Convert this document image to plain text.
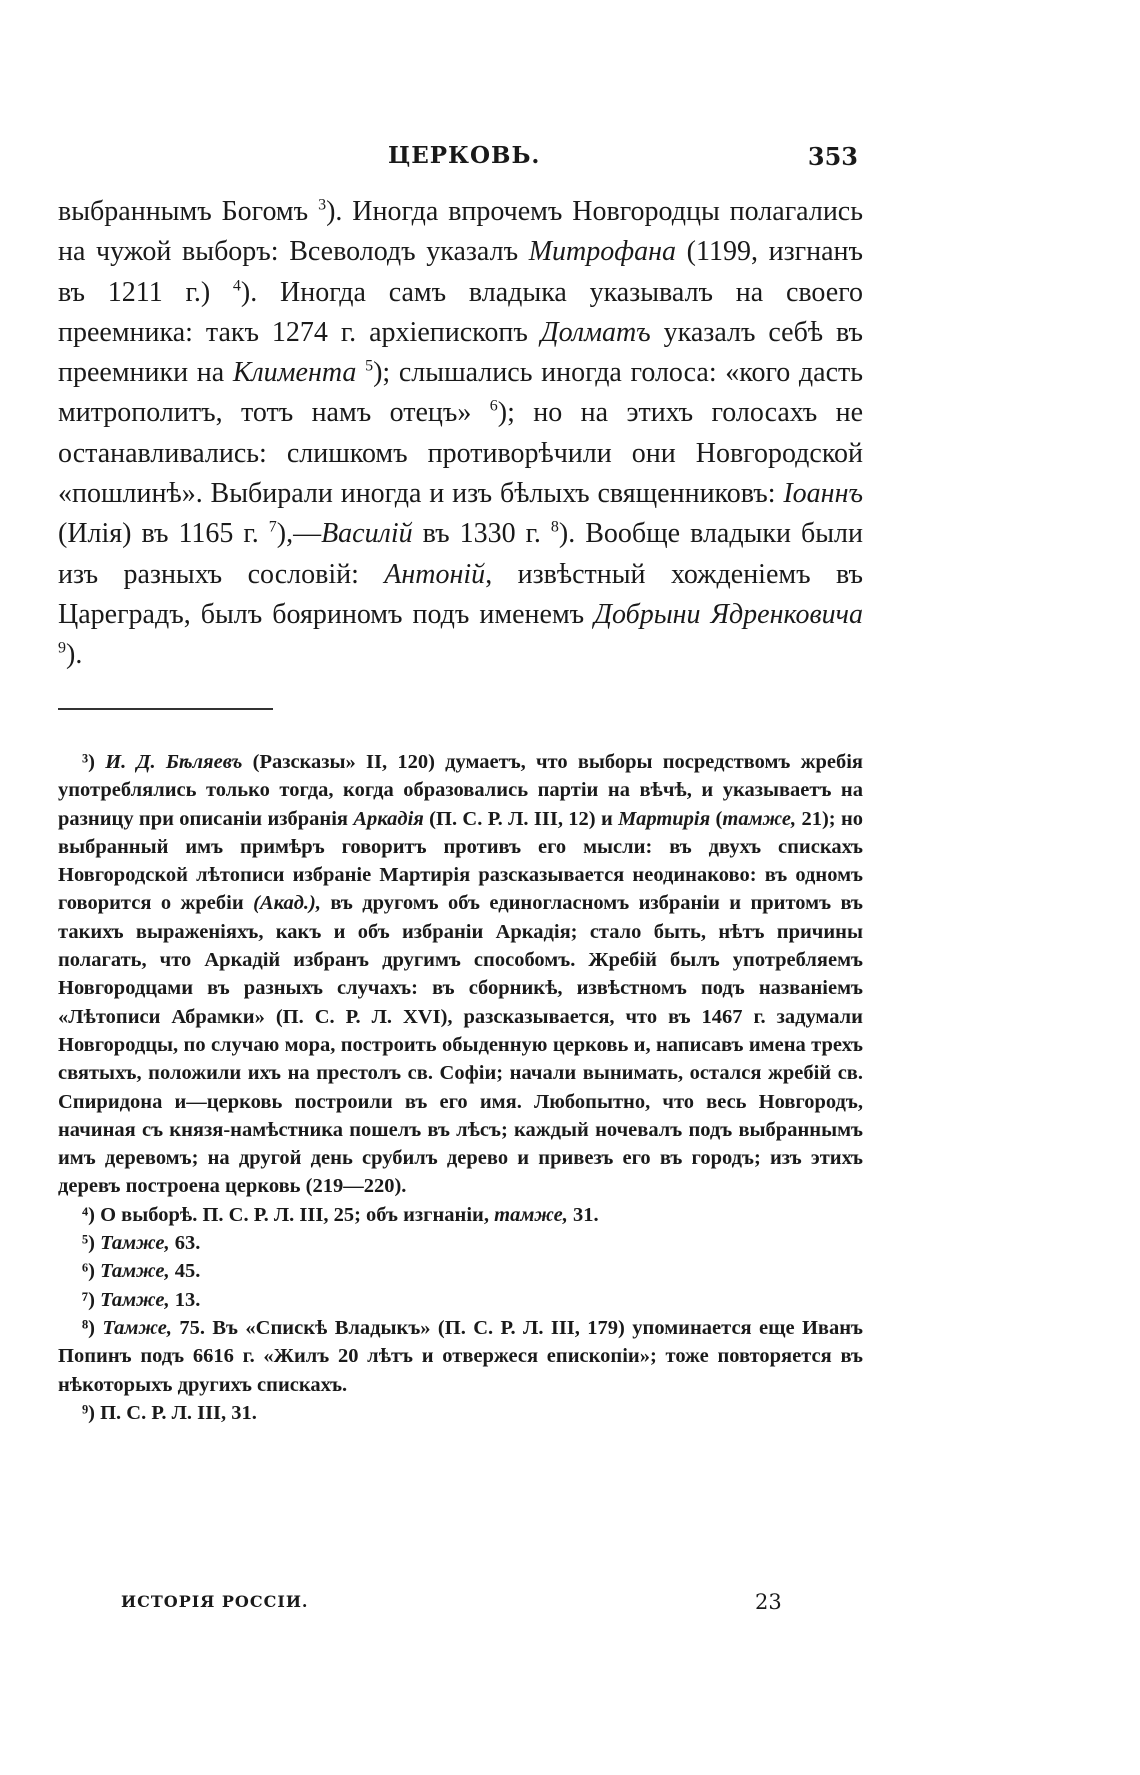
ЦЕРКОВЬ.	353

выбраннымъ Богомъ $^3$). Иногда впрочемъ Новгородцы полагались на чужой выборъ: Всеволодъ указалъ Митрофана (1199, изгнанъ въ 1211 г.) $^4$). Иногда самъ владыка указывалъ на своего преемника: такъ 1274 г. архіепископъ Долматъ указалъ себѣ въ преемники на Климента $^5$); слышались иногда голоса: «кого дасть митрополитъ, тотъ намъ отецъ» $^6$); но на этихъ голосахъ не останавливались: слишкомъ противорѣчили они Новгородской «пошлинѣ». Выбирали иногда и изъ бѣлыхъ священниковъ: Іоаннъ (Илія) въ 1165 г. $^7$),—Василій въ 1330 г. $^8$). Вообще владыки были изъ разныхъ сословій: Антоній, извѣстный хожденіемъ въ Цареградъ, былъ бояриномъ подъ именемъ Добрыни Ядренковича $^9$).

³) И. Д. Бѣляевъ (Разсказы» II, 120) думаетъ, что выборы посредствомъ жребія употреблялись только тогда, когда образовались партіи на вѣчѣ, и указываетъ на разницу при описаніи избранія Аркадія (П. С. Р. Л. III, 12) и Мартирія (тамже, 21); но выбранный имъ примѣръ говоритъ противъ его мысли: въ двухъ спискахъ Новгородской лѣтописи избраніе Мартирія разсказывается неодинаково: въ одномъ говорится о жребіи (Акад.), въ другомъ объ единогласномъ избраніи и притомъ въ такихъ выраженіяхъ, какъ и объ избраніи Аркадія; стало быть, нѣтъ причины полагать, что Аркадій избранъ другимъ способомъ. Жребій былъ употребляемъ Новгородцами въ разныхъ случахъ: въ сборникѣ, извѣстномъ подъ названіемъ «Лѣтописи Абрамки» (П. С. Р. Л. XVI), разсказывается, что въ 1467 г. задумали Новгородцы, по случаю мора, построить обыденную церковь и, написавъ имена трехъ святыхъ, положили ихъ на престолъ св. Софіи; начали вынимать, остался жребій св. Спиридона и—церковь построили въ его имя. Любопытно, что весь Новгородъ, начиная съ князя-намѣстника пошелъ въ лѣсъ; каждый ночевалъ подъ выбраннымъ имъ деревомъ; на другой день срубилъ дерево и привезъ его въ городъ; изъ этихъ деревъ построена церковь (219—220).

⁴) О выборѣ. П. С. Р. Л. III, 25; объ изгнаніи, тамже, 31.

⁵) Тамже, 63.

⁶) Тамже, 45.

⁷) Тамже, 13.

⁸) Тамже, 75. Въ «Спискѣ Владыкъ» (П. С. Р. Л. III, 179) упоминается еще Иванъ Попинъ подъ 6616 г. «Жилъ 20 лѣтъ и отвержеся епископіи»; тоже повторяется въ нѣкоторыхъ другихъ спискахъ.

⁹) П. С. Р. Л. III, 31.

ИСТОРІЯ РОССІИ.	23
